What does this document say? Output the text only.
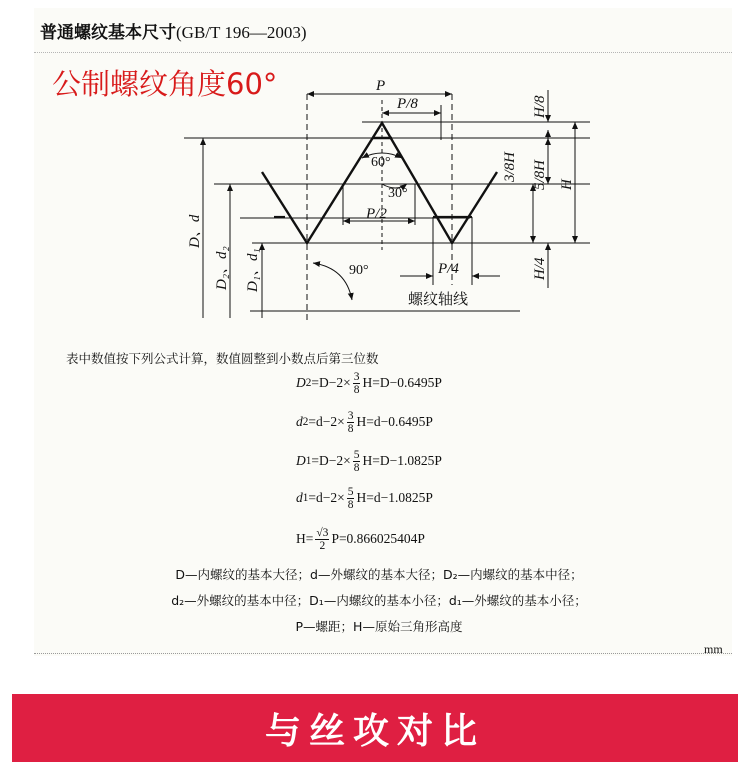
普通螺纹基本尺寸(GB/T 196—2003)
公制螺纹角度60°	P
P/8
P/2
P/4
60°
30°
90°
螺纹轴线
H/8
3/8H 5/8H H
H/4
D、d
D₂、d₂ D₁、d₁
表中数值按下列公式计算，数值圆整到小数点后第三位数
D $2 =D-2\times \frac{3}{8} H=D-0.6495P$
d $2 =d-2\times \frac{3}{8} H=d-0.6495P$
D $1 =D-2\times \frac{5}{8} H=D-1.0825P$
d $1 =d-2\times \frac{5}{8} H=d-1.0825P$
$H= \frac{√3}{2} P=0.866025404P$
D—内螺纹的基本大径；d—外螺纹的基本大径；D₂—内螺纹的基本中径；
d₂—外螺纹的基本中径；D₁—内螺纹的基本小径；d₁—外螺纹的基本小径；
P—螺距；H—原始三角形高度
mm
与丝攻对比
